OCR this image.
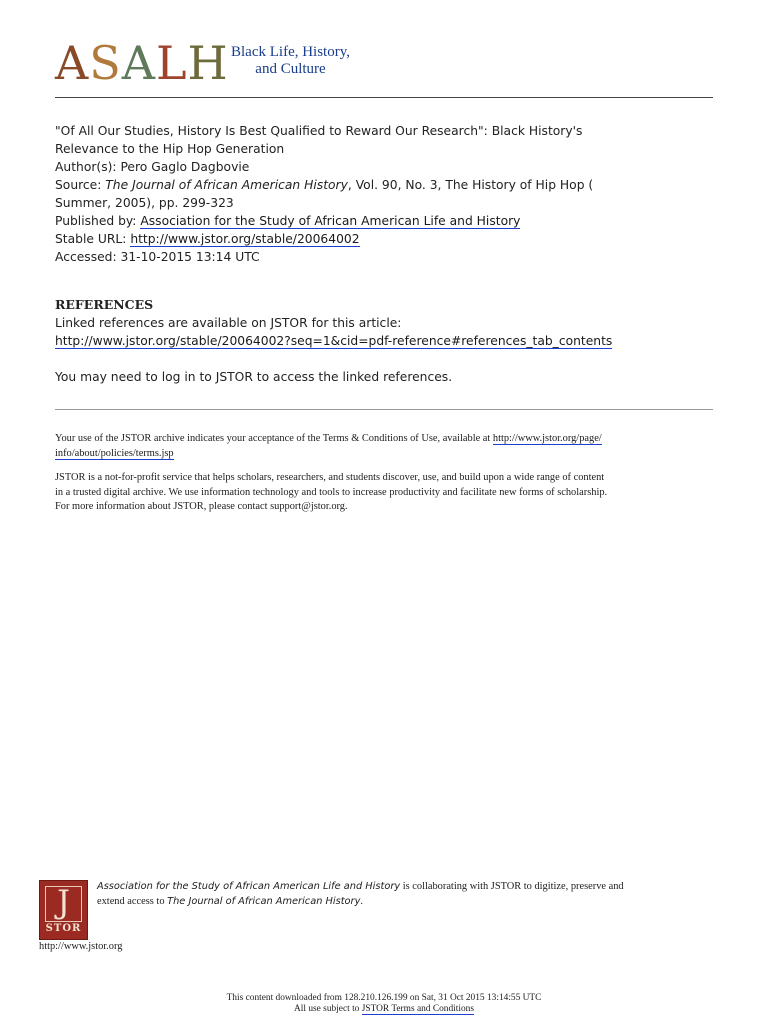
ASALH Black Life, History,
and Culture

"Of All Our Studies, History Is Best Qualified to Reward Our Research": Black History's

Relevance to the Hip Hop Generation

Author(s): Pero Gaglo Dagbovie

Source: The Journal of African American History, Vol. 90, No. 3, The History of Hip Hop (

Summer, 2005), pp. 299-323

Published by: Association for the Study of African American Life and History

Stable URL: http://www.jstor.org/stable/20064002

Accessed: 31-10-2015 13:14 UTC

REFERENCES

Linked references are available on JSTOR for this article:

http://www.jstor.org/stable/20064002?seq=1&cid=pdf-reference#references_tab_contents

You may need to log in to JSTOR to access the linked references.

Your use of the JSTOR archive indicates your acceptance of the Terms & Conditions of Use, available at http://www.jstor.org/page/
info/about/policies/terms.jsp

JSTOR is a not-for-profit service that helps scholars, researchers, and students discover, use, and build upon a wide range of content
in a trusted digital archive. We use information technology and tools to increase productivity and facilitate new forms of scholarship.
For more information about JSTOR, please contact support@jstor.org.

J
STOR
http://www.jstor.org
Association for the Study of African American Life and History is collaborating with JSTOR to digitize, preserve and
extend access to The Journal of African American History.

This content downloaded from 128.210.126.199 on Sat, 31 Oct 2015 13:14:55 UTC

All use subject to JSTOR Terms and Conditions
